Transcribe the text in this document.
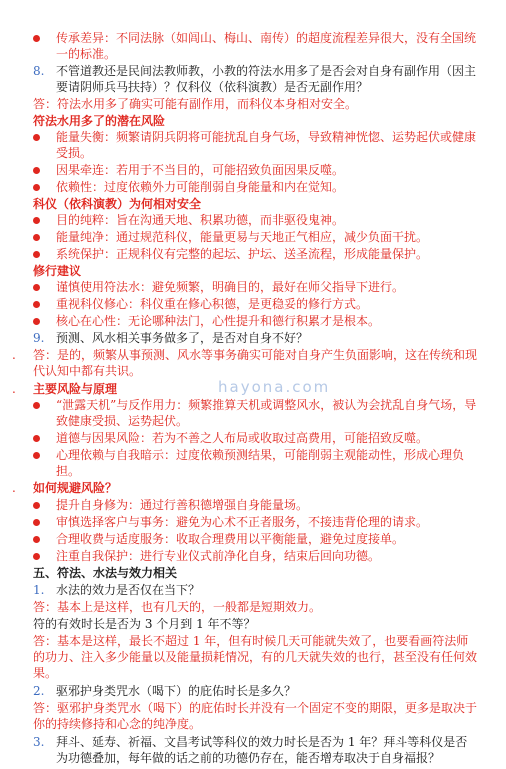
传承差异：不同法脉（如闾山、梅山、南传）的超度流程差异很大，没有全国统一的标准。
8. 不管道教还是民间法教师教，小教的符法水用多了是否会对自身有副作用（因主要请阴师兵马扶持）？仅科仪（依科演教）是否无副作用？
答：符法水用多了确实可能有副作用，而科仪本身相对安全。
符法水用多了的潜在风险
能量失衡：频繁请阴兵阴将可能扰乱自身气场，导致精神恍惚、运势起伏或健康受损。
因果牵连：若用于不当目的，可能招致负面因果反噬。
依赖性：过度依赖外力可能削弱自身能量和内在觉知。
科仪（依科演教）为何相对安全
目的纯粹：旨在沟通天地、积累功德，而非驱役鬼神。
能量纯净：通过规范科仪，能量更易与天地正气相应，减少负面干扰。
系统保护：正规科仪有完整的起坛、护坛、送圣流程，形成能量保护。
修行建议
谨慎使用符法水：避免频繁，明确目的，最好在师父指导下进行。
重视科仪修心：科仪重在修心积德，是更稳妥的修行方式。
核心在心性：无论哪种法门，心性提升和德行积累才是根本。
9. 预测、风水相关事务做多了，是否对自身不好？
. 答：是的，频繁从事预测、风水等事务确实可能对自身产生负面影响，这在传统和现代认知中都有共识。
. 主要风险与原理
“泄露天机”与反作用力：频繁推算天机或调整风水，被认为会扰乱自身气场，导致健康受损、运势起伏。
道德与因果风险：若为不善之人布局或收取过高费用，可能招致反噬。
心理依赖与自我暗示：过度依赖预测结果，可能削弱主观能动性，形成心理负担。
. 如何规避风险？
提升自身修为：通过行善积德增强自身能量场。
审慎选择客户与事务：避免为心术不正者服务，不接违背伦理的请求。
合理收费与适度服务：收取合理费用以平衡能量，避免过度接单。
注重自我保护：进行专业仪式前净化自身，结束后回向功德。
五、符法、水法与效力相关
1. 水法的效力是否仅在当下？
答：基本上是这样，也有几天的，一般都是短期效力。
符的有效时长是否为 3 个月到 1 年不等？
答：基本是这样，最长不超过 1 年，但有时候几天可能就失效了，也要看画符法师的功力、注入多少能量以及能量损耗情况，有的几天就失效的也行，甚至没有任何效果。
2. 驱邪护身类咒水（喝下）的庇佑时长是多久？
答：驱邪护身类咒水（喝下）的庇佑时长并没有一个固定不变的期限，更多是取决于你的持续修持和心念的纯净度。
3. 拜斗、延寿、祈福、文昌考试等科仪的效力时长是否为 1 年？拜斗等科仪是否为功德叠加，每年做的话之前的功德仍存在，能否增寿取决于自身福报？
hayona.com
